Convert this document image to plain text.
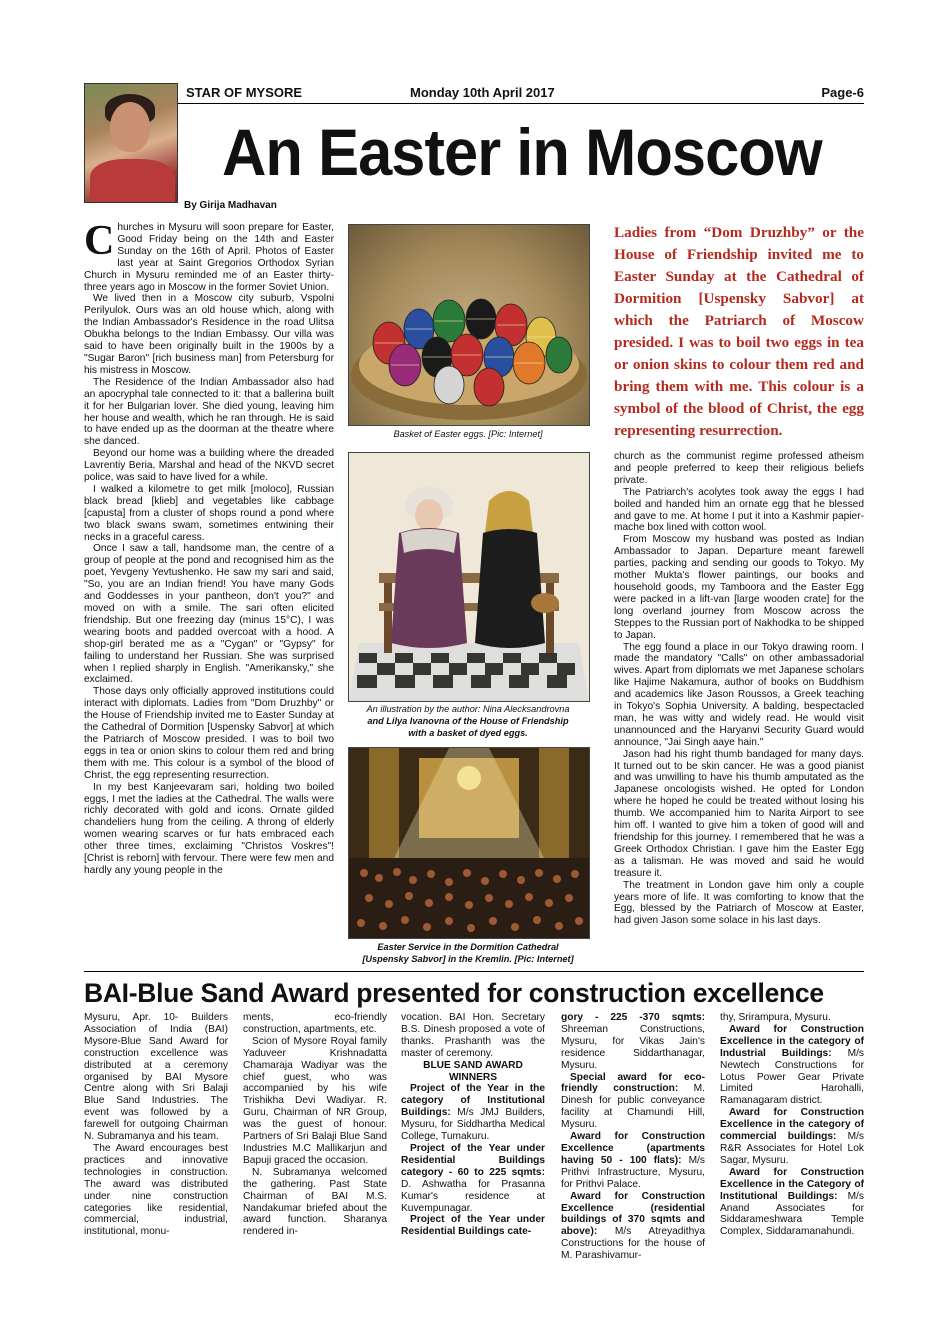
STAR OF MYSORE	Monday 10th April 2017	Page-6
An Easter in Moscow
By Girija Madhavan

Churches in Mysuru will soon prepare for Easter, Good Friday being on the 14th and Easter Sunday on the 16th of April. Photos of Easter last year at Saint Gregorios Orthodox Syrian Church in Mysuru reminded me of an Easter thirty-three years ago in Moscow in the former Soviet Union.

We lived then in a Moscow city suburb, Vspolni Perilyulok. Ours was an old house which, along with the Indian Ambassador's Residence in the road Ulitsa Obukha belongs to the Indian Embassy. Our villa was said to have been originally built in the 1900s by a "Sugar Baron" [rich business man] from Petersburg for his mistress in Moscow.

The Residence of the Indian Ambassador also had an apocryphal tale connected to it: that a ballerina built it for her Bulgarian lover. She died young, leaving him her house and wealth, which he ran through. He is said to have ended up as the doorman at the theatre where she danced.

Beyond our home was a building where the dreaded Lavrentiy Beria, Marshal and head of the NKVD secret police, was said to have lived for a while.

I walked a kilometre to get milk [moloco], Russian black bread [klieb] and vegetables like cabbage [capusta] from a cluster of shops round a pond where two black swans swam, sometimes entwining their necks in a graceful caress.

Once I saw a tall, handsome man, the centre of a group of people at the pond and recognised him as the poet, Yevgeny Yevtushenko. He saw my sari and said, "So, you are an Indian friend! You have many Gods and Goddesses in your pantheon, don't you?" and moved on with a smile. The sari often elicited friendship. But one freezing day (minus 15°C), I was wearing boots and padded overcoat with a hood. A shop-girl berated me as a "Cygan" or "Gypsy" for failing to understand her Russian. She was surprised when I replied sharply in English. "Amerikansky," she exclaimed.

Those days only officially approved institutions could interact with diplomats. Ladies from "Dom Druzhby" or the House of Friendship invited me to Easter Sunday at the Cathedral of Dormition [Uspensky Sabvor] at which the Patriarch of Moscow presided. I was to boil two eggs in tea or onion skins to colour them red and bring them with me. This colour is a symbol of the blood of Christ, the egg representing resurrection.

In my best Kanjeevaram sari, holding two boiled eggs, I met the ladies at the Cathedral. The walls were richly decorated with gold and icons. Ornate gilded chandeliers hung from the ceiling. A throng of elderly women wearing scarves or fur hats embraced each other three times, exclaiming "Christos Voskres"! [Christ is reborn] with fervour. There were few men and hardly any young people in the

Basket of Easter eggs. [Pic: Internet]
An illustration by the author: Nina Alecksandrovna
and Lilya Ivanovna of the House of Friendship
with a basket of dyed eggs.
Easter Service in the Dormition Cathedral
[Uspensky Sabvor] in the Kremlin. [Pic: Internet]
Ladies from “Dom Druzhby” or the House of Friendship invited me to Easter Sunday at the Cathedral of Dormition [Uspensky Sabvor] at which the Patriarch of Moscow presided. I was to boil two eggs in tea or onion skins to colour them red and bring them with me. This colour is a symbol of the blood of Christ, the egg representing resurrection.

church as the communist regime professed atheism and people preferred to keep their religious beliefs private.

The Patriarch's acolytes took away the eggs I had boiled and handed him an ornate egg that he blessed and gave to me. At home I put it into a Kashmir papier-mache box lined with cotton wool.

From Moscow my husband was posted as Indian Ambassador to Japan. Departure meant farewell parties, packing and sending our goods to Tokyo. My mother Mukta's flower paintings, our books and household goods, my Tamboora and the Easter Egg were packed in a lift-van [large wooden crate] for the long overland journey from Moscow across the Steppes to the Russian port of Nakhodka to be shipped to Japan.

The egg found a place in our Tokyo drawing room. I made the mandatory "Calls" on other ambassadorial wives. Apart from diplomats we met Japanese scholars like Hajime Nakamura, author of books on Buddhism and academics like Jason Roussos, a Greek teaching in Tokyo's Sophia University. A balding, bespectacled man, he was witty and widely read. He would visit unannounced and the Haryanvi Security Guard would announce, "Jai Singh aaye hain."

Jason had his right thumb bandaged for many days. It turned out to be skin cancer. He was a good pianist and was unwilling to have his thumb amputated as the Japanese oncologists wished. He opted for London where he hoped he could be treated without losing his thumb. We accompanied him to Narita Airport to see him off. I wanted to give him a token of good will and friendship for this journey. I remembered that he was a Greek Orthodox Christian. I gave him the Easter Egg as a talisman. He was moved and said he would treasure it.

The treatment in London gave him only a couple years more of life. It was comforting to know that the Egg, blessed by the Patriarch of Moscow at Easter, had given Jason some solace in his last days.

BAI-Blue Sand Award presented for construction excellence

Mysuru, Apr. 10- Builders Association of India (BAI) Mysore-Blue Sand Award for construction excellence was distributed at a ceremony organised by BAI Mysore Centre along with Sri Balaji Blue Sand Industries. The event was followed by a farewell for outgoing Chairman N. Subramanya and his team.

The Award encourages best practices and innovative technologies in construction. The award was distributed under nine construction categories like residential, commercial, industrial, institutional, monu-

ments, eco-friendly construction, apartments, etc.

Scion of Mysore Royal family Yaduveer Krishnadatta Chamaraja Wadiyar was the chief guest, who was accompanied by his wife Trishikha Devi Wadiyar. R. Guru, Chairman of NR Group, was the guest of honour. Partners of Sri Balaji Blue Sand Industries M.C Mallikarjun and Bapuji graced the occasion.

N. Subramanya welcomed the gathering. Past State Chairman of BAI M.S. Nandakumar briefed about the award function. Sharanya rendered in-

vocation. BAI Hon. Secretary B.S. Dinesh proposed a vote of thanks. Prashanth was the master of ceremony.

BLUE SAND AWARD

WINNERS

Project of the Year in the category of Institutional Buildings: M/s JMJ Builders, Mysuru, for Siddhartha Medical College, Tumakuru.

Project of the Year under Residential Buildings category - 60 to 225 sqmts: D. Ashwatha for Prasanna Kumar's residence at Kuvempunagar.

Project of the Year under Residential Buildings cate-

gory - 225 -370 sqmts: Shreeman Constructions, Mysuru, for Vikas Jain's residence Siddarthanagar, Mysuru.

Special award for eco-friendly construction: M. Dinesh for public conveyance facility at Chamundi Hill, Mysuru.

Award for Construction Excellence (apartments having 50 - 100 flats): M/s Prithvi Infrastructure, Mysuru, for Prithvi Palace.

Award for Construction Excellence (residential buildings of 370 sqmts and above): M/s Atreyadithya Constructions for the house of M. Parashivamur-

thy, Srirampura, Mysuru.

Award for Construction Excellence in the category of Industrial Buildings: M/s Newtech Constructions for Lotus Power Gear Private Limited Harohalli, Ramanagaram district.

Award for Construction Excellence in the category of commercial buildings: M/s R&R Associates for Hotel Lok Sagar, Mysuru.

Award for Construction Excellence in the Category of Institutional Buildings: M/s Anand Associates for Siddarameshwara Temple Complex, Siddaramanahundi.
